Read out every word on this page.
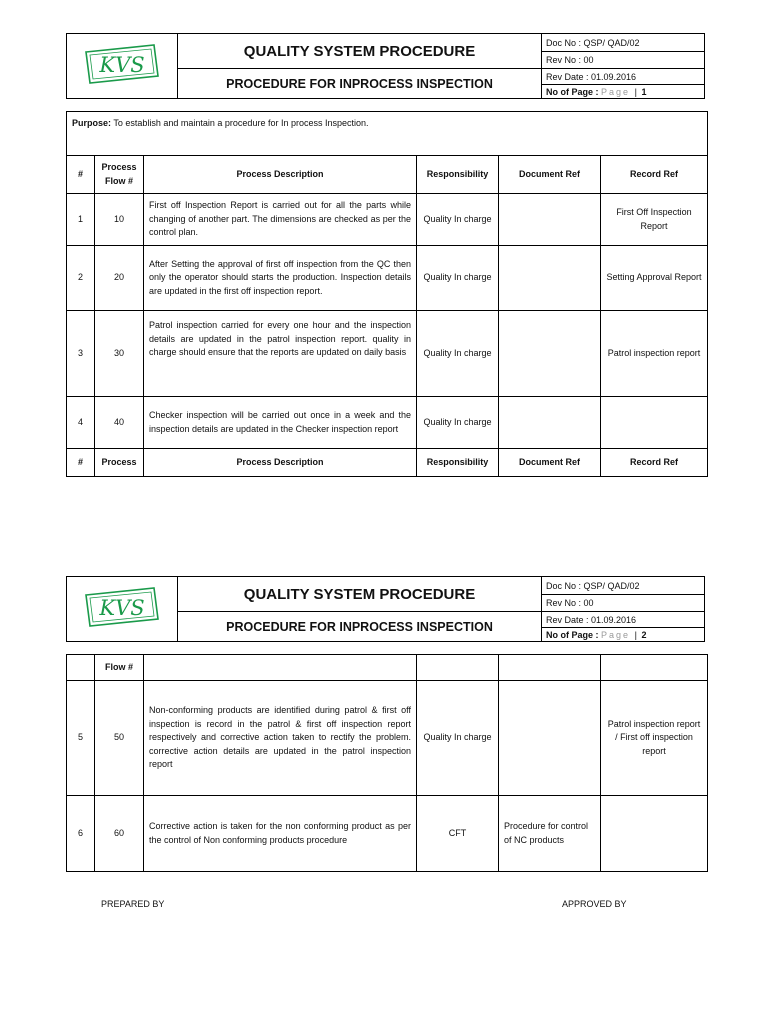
KVS	QUALITY SYSTEM PROCEDURE	Doc No : QSP/ QAD/02
		Rev No : 00
	PROCEDURE FOR INPROCESS INSPECTION	Rev Date : 01.09.2016
		No of Page : Page | 1
Purpose: To establish and maintain a procedure for In process Inspection.					
#	Process Flow #	Process Description	Responsibility	Document Ref	Record Ref
1	10	First off Inspection Report is carried out for all the parts while changing of another part. The dimensions are checked as per the control plan.	Quality In charge		First Off Inspection Report
2	20	After Setting the approval of first off inspection from the QC then only the operator should starts the production. Inspection details are updated in the first off inspection report.	Quality In charge		Setting Approval Report
3	30	Patrol inspection carried for every one hour and the inspection details are updated in the patrol inspection report. quality in charge should ensure that the reports are updated on daily basis	Quality In charge		Patrol inspection report
4	40	Checker inspection will be carried out once in a week and the inspection details are updated in the Checker inspection report	Quality In charge		
#	Process	Process Description	Responsibility	Document Ref	Record Ref
KVS	QUALITY SYSTEM PROCEDURE	Doc No : QSP/ QAD/02
		Rev No : 00
	PROCEDURE FOR INPROCESS INSPECTION	Rev Date : 01.09.2016
		No of Page : Page | 2
	Flow #				
5	50	Non-conforming products are identified during patrol & first off inspection is record in the patrol & first off inspection report respectively and corrective action taken to rectify the problem. corrective action details are updated in the patrol inspection report	Quality In charge		Patrol inspection report / First off inspection report
6	60	Corrective action is taken for the non conforming product as per the control of Non conforming products procedure	CFT	Procedure for control of NC products	
PREPARED BY	APPROVED BY
